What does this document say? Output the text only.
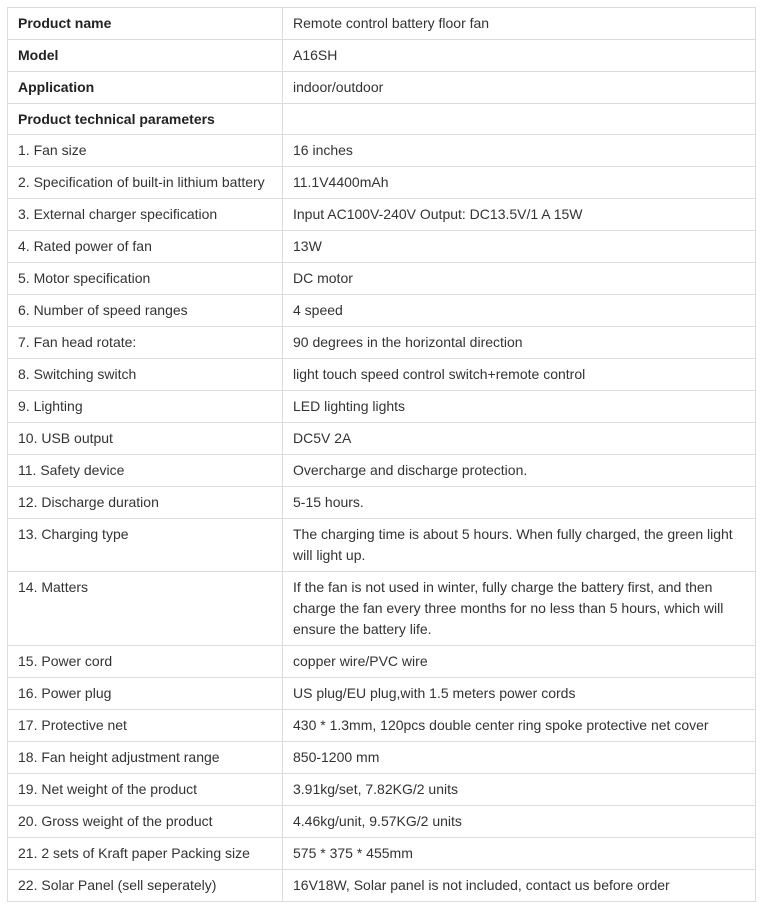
Product name	Remote control battery floor fan
Model	A16SH
Application	indoor/outdoor
Product technical parameters	
1. Fan size	16 inches
2. Specification of built-in lithium battery	11.1V4400mAh
3. External charger specification	Input AC100V-240V Output: DC13.5V/1 A 15W
4. Rated power of fan	13W
5. Motor specification	DC motor
6. Number of speed ranges	4 speed
7. Fan head rotate:	90 degrees in the horizontal direction
8. Switching switch	light touch speed control switch+remote control
9. Lighting	LED lighting lights
10. USB output	DC5V 2A
11. Safety device	Overcharge and discharge protection.
12. Discharge duration	5-15 hours.
13. Charging type	The charging time is about 5 hours. When fully charged, the green light will light up.
14. Matters	If the fan is not used in winter, fully charge the battery first, and then charge the fan every three months for no less than 5 hours, which will ensure the battery life.
15. Power cord	copper wire/PVC wire
16. Power plug	US plug/EU plug,with 1.5 meters power cords
17. Protective net	430 * 1.3mm, 120pcs double center ring spoke protective net cover
18. Fan height adjustment range	850-1200 mm
19. Net weight of the product	3.91kg/set, 7.82KG/2 units
20. Gross weight of the product	4.46kg/unit, 9.57KG/2 units
21. 2 sets of Kraft paper Packing size	575 * 375 * 455mm
22. Solar Panel (sell seperately)	16V18W, Solar panel is not included, contact us before order
